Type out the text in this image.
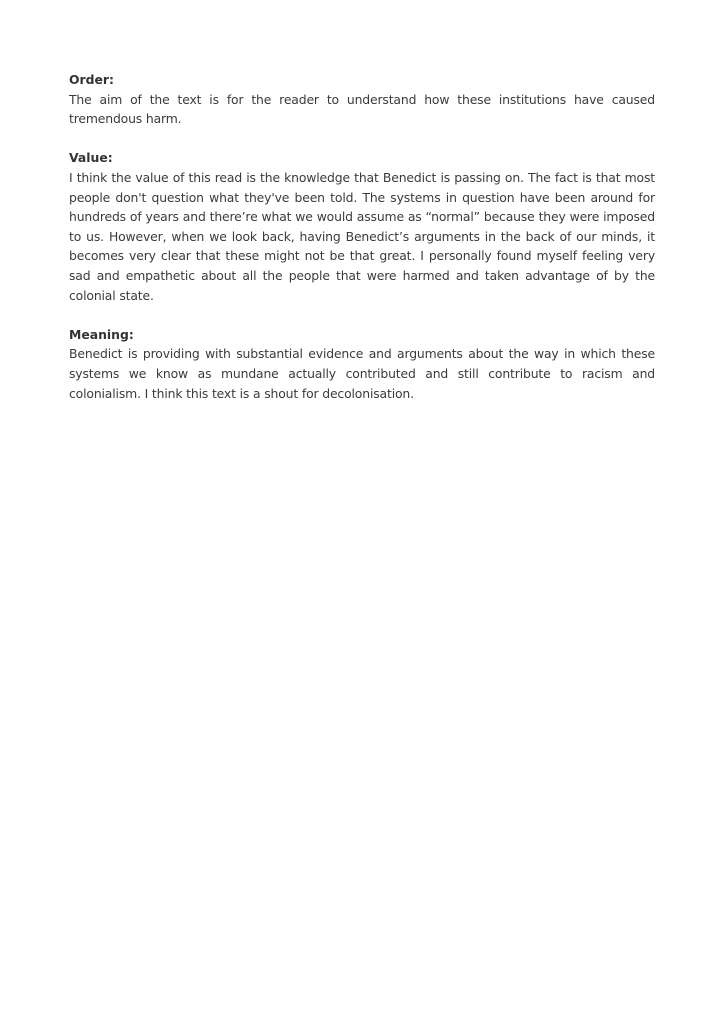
Order:

The aim of the text is for the reader to understand how these institutions have caused tremendous harm.

Value:

I think the value of this read is the knowledge that Benedict is passing on. The fact is that most people don't question what they've been told. The systems in question have been around for hundreds of years and there’re what we would assume as “normal” because they were imposed to us. However, when we look back, having Benedict’s arguments in the back of our minds, it becomes very clear that these might not be that great. I personally found myself feeling very sad and empathetic about all the people that were harmed and taken advantage of by the colonial state.

Meaning:

Benedict is providing with substantial evidence and arguments about the way in which these systems we know as mundane actually contributed and still contribute to racism and colonialism. I think this text is a shout for decolonisation.
